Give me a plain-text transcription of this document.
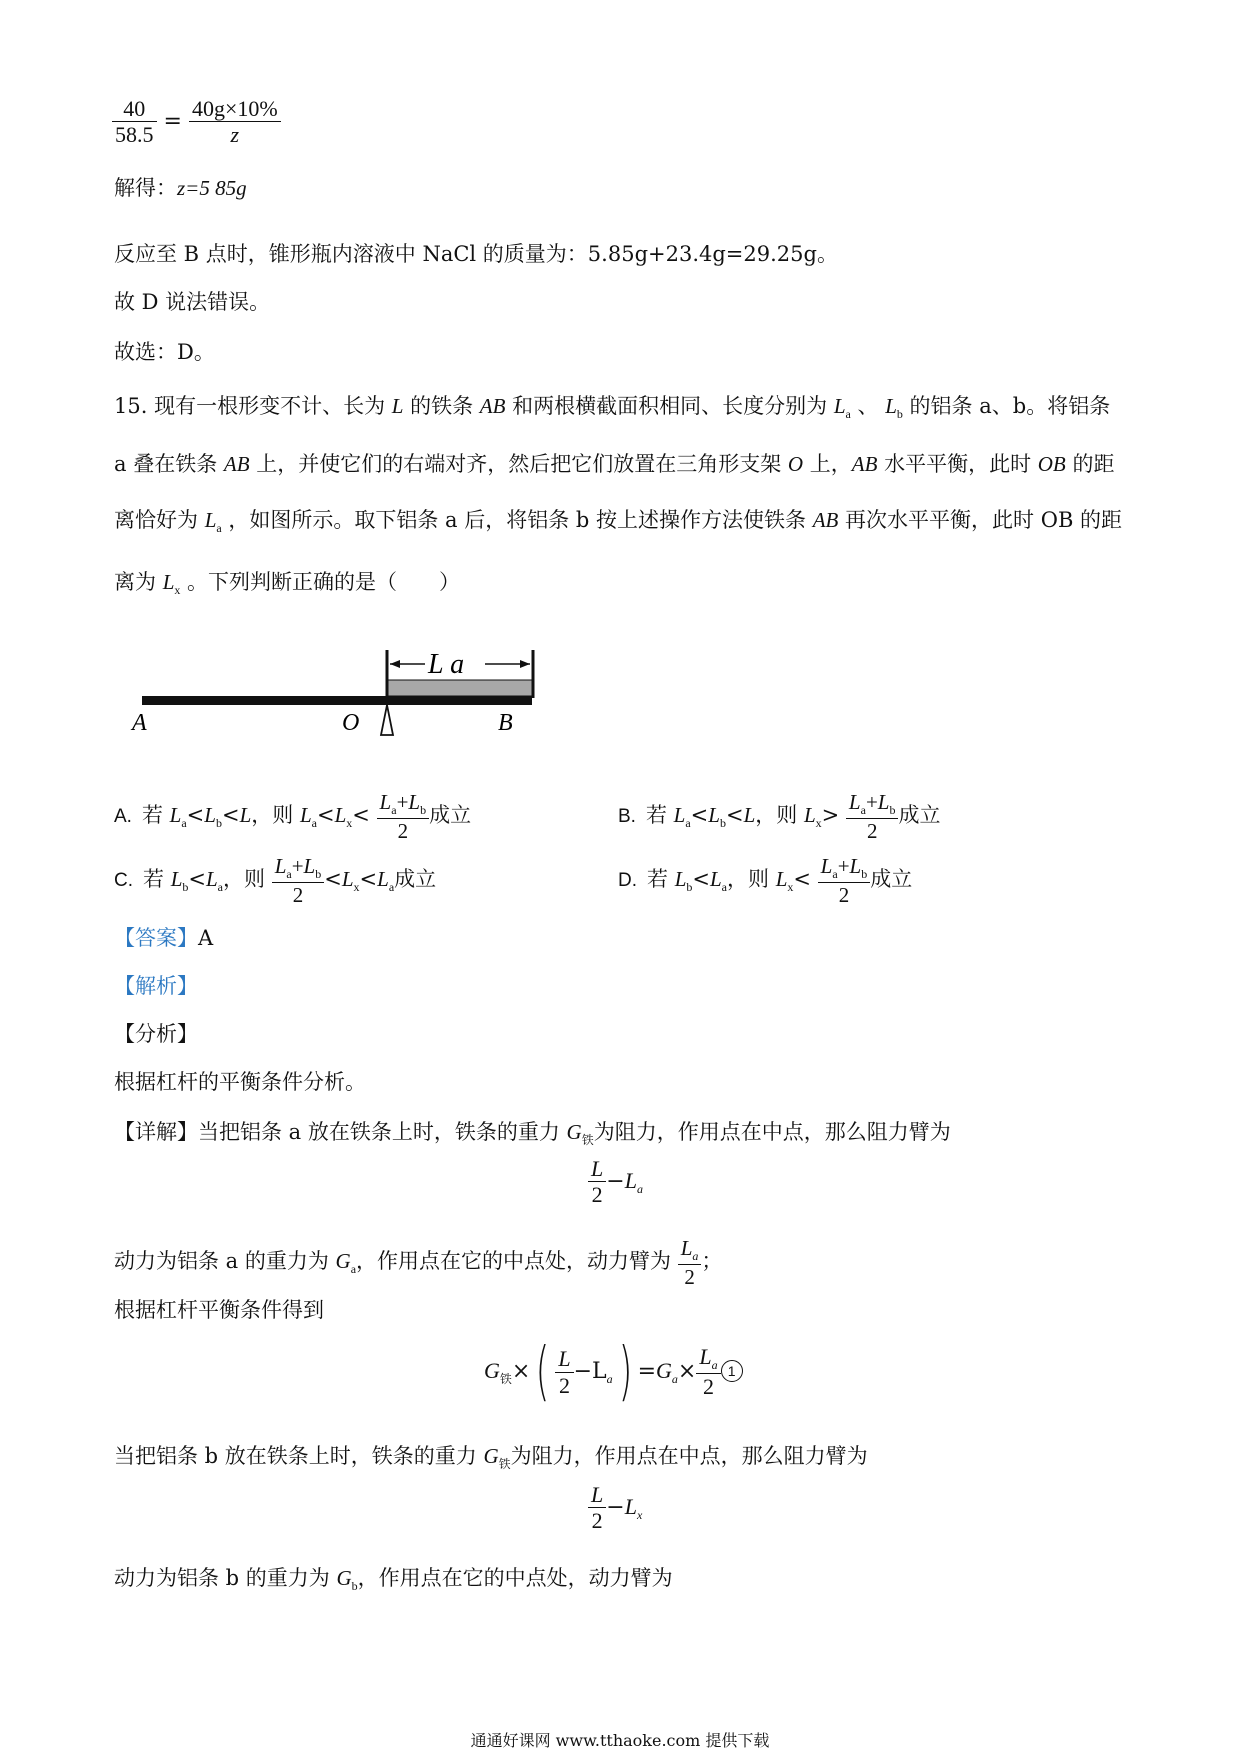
$\frac{40}{58.5} = \frac{40g\times 10\%}{z}$
解得：z=5 85g
反应至 B 点时，锥形瓶内溶液中 NaCl 的质量为：5.85g+23.4g=29.25g。
故 D 说法错误。
故选：D。
15. 现有一根形变不计、长为 L 的铁条 AB 和两根横截面积相同、长度分别为 $L_a$ 、 $L_b$ 的铝条 a、b。将铝条
a 叠在铁条 AB 上，并使它们的右端对齐，然后把它们放置在三角形支架 O 上，AB 水平平衡，此时 OB 的距
离恰好为 $L_a$ ，如图所示。取下铝条 a 后，将铝条 b 按上述操作方法使铁条 AB 再次水平平衡，此时 OB 的距
离为 $L_x$ 。下列判断正确的是（　　）
L a
A	O	B
A. 若 $L_a<L_b<L$，则 $L_a<L_x< \frac{L_a+L_b}{2}$ 成立	B. 若 $L_a<L_b<L$，则 $L_x> \frac{L_a+L_b}{2}$ 成立
C. 若 $L_b<L_a$，则 $\frac{L_a+L_b}{2} <L_x<L_a$成立	D. 若 $L_b<L_a$，则 $L_x< \frac{L_a+L_b}{2}$ 成立
【答案】A
【解析】
【分析】
根据杠杆的平衡条件分析。
【详解】当把铝条 a 放在铁条上时，铁条的重力 $G_铁$为阻力，作用点在中点，那么阻力臂为
$\frac{L}{2} -L_a$
动力为铝条 a 的重力为 $G_a$，作用点在它的中点处，动力臂为 $\frac{L_a}{2}$ ；
根据杠杆平衡条件得到
$G_铁\times( \frac{L}{2} -L_a) =G_a\times \frac{L_a}{2} 1$
当把铝条 b 放在铁条上时，铁条的重力 $G_铁$为阻力，作用点在中点，那么阻力臂为
$\frac{L}{2} -L_x$
动力为铝条 b 的重力为 $G_b$，作用点在它的中点处，动力臂为
通通好课网 www.tthaoke.com 提供下载
